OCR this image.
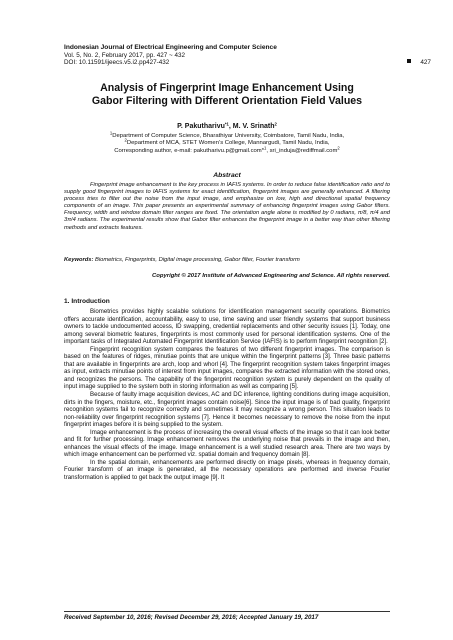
Indonesian Journal of Electrical Engineering and Computer Science
Vol. 5, No. 2, February 2017, pp. 427 ~ 432
DOI: 10.11591/ijeecs.v5.i2.pp427-432	427
Analysis of Fingerprint Image Enhancement Using
Gabor Filtering with Different Orientation Field Values
P. Pakutharivu$^{*1}$, M. V. Srinath$^2$
$^1$Department of Computer Science, Bharathiyar University, Coimbatore, Tamil Nadu, India,
$^2$Department of MCA, STET Women’s College, Mannargudi, Tamil Nadu, India,
Corresponding author, e-mail: pakutharivu.p@gmail.com*$^1$, sri_induja@rediffmail.com$^2$
Abstract

Fingerprint image enhancement is the key process in IAFIS systems. In order to reduce false identification ratio and to supply good fingerprint images to IAFIS systems for exact identification, fingerprint images are generally enhanced. A filtering process tries to filter out the noise from the input image, and emphasize on low, high and directional spatial frequency components of an image. This paper presents an experimental summary of enhancing fingerprint images using Gabor filters. Frequency, width and window domain filter ranges are fixed. The orientation angle alone is modified by 0 radians, π/8, π/4 and 3π/4 radians. The experimental results show that Gabor filter enhances the fingerprint image in a better way than other filtering methods and extracts features.

Keywords: Biometrics, Fingerprints, Digital image processing, Gabor filter, Fourier transform
Copyright © 2017 Institute of Advanced Engineering and Science. All rights reserved.
1. Introduction

Biometrics provides highly scalable solutions for identification management security operations. Biometrics offers accurate identification, accountability, easy to use, time saving and user friendly systems that support business owners to tackle undocumented access, ID swapping, credential replacements and other security issues [1]. Today, one among several biometric features, fingerprints is most commonly used for personal identification systems. One of the important tasks of Integrated Automated Fingerprint Identification Service (IAFIS) is to perform fingerprint recognition [2].

Fingerprint recognition system compares the features of two different fingerprint images. The comparison is based on the features of ridges, minutiae points that are unique within the fingerprint patterns [3]. Three basic patterns that are available in fingerprints are arch, loop and whorl [4]. The fingerprint recognition system takes fingerprint images as input, extracts minutiae points of interest from input images, compares the extracted information with the stored ones, and recognizes the persons. The capability of the fingerprint recognition system is purely dependent on the quality of input image supplied to the system both in storing information as well as comparing [5].

Because of faulty image acquisition devices, AC and DC inference, lighting conditions during image acquisition, dirts in the fingers, moisture, etc., fingerprint images contain noise[6]. Since the input image is of bad quality, fingerprint recognition systems fail to recognize correctly and sometimes it may recognize a wrong person. This situation leads to non-reliability over fingerprint recognition systems [7]. Hence it becomes necessary to remove the noise from the input fingerprint images before it is being supplied to the system.

Image enhancement is the process of increasing the overall visual effects of the image so that it can look better and fit for further processing. Image enhancement removes the underlying noise that prevails in the image and then, enhances the visual effects of the image. Image enhancement is a well studied research area. There are two ways by which image enhancement can be performed viz. spatial domain and frequency domain [8].

In the spatial domain, enhancements are performed directly on image pixels, whereas in frequency domain, Fourier transform of an image is generated, all the necessary operations are performed and inverse Fourier transformation is applied to get back the output image [9]. It

Received September 10, 2016; Revised December 29, 2016; Accepted January 19, 2017
